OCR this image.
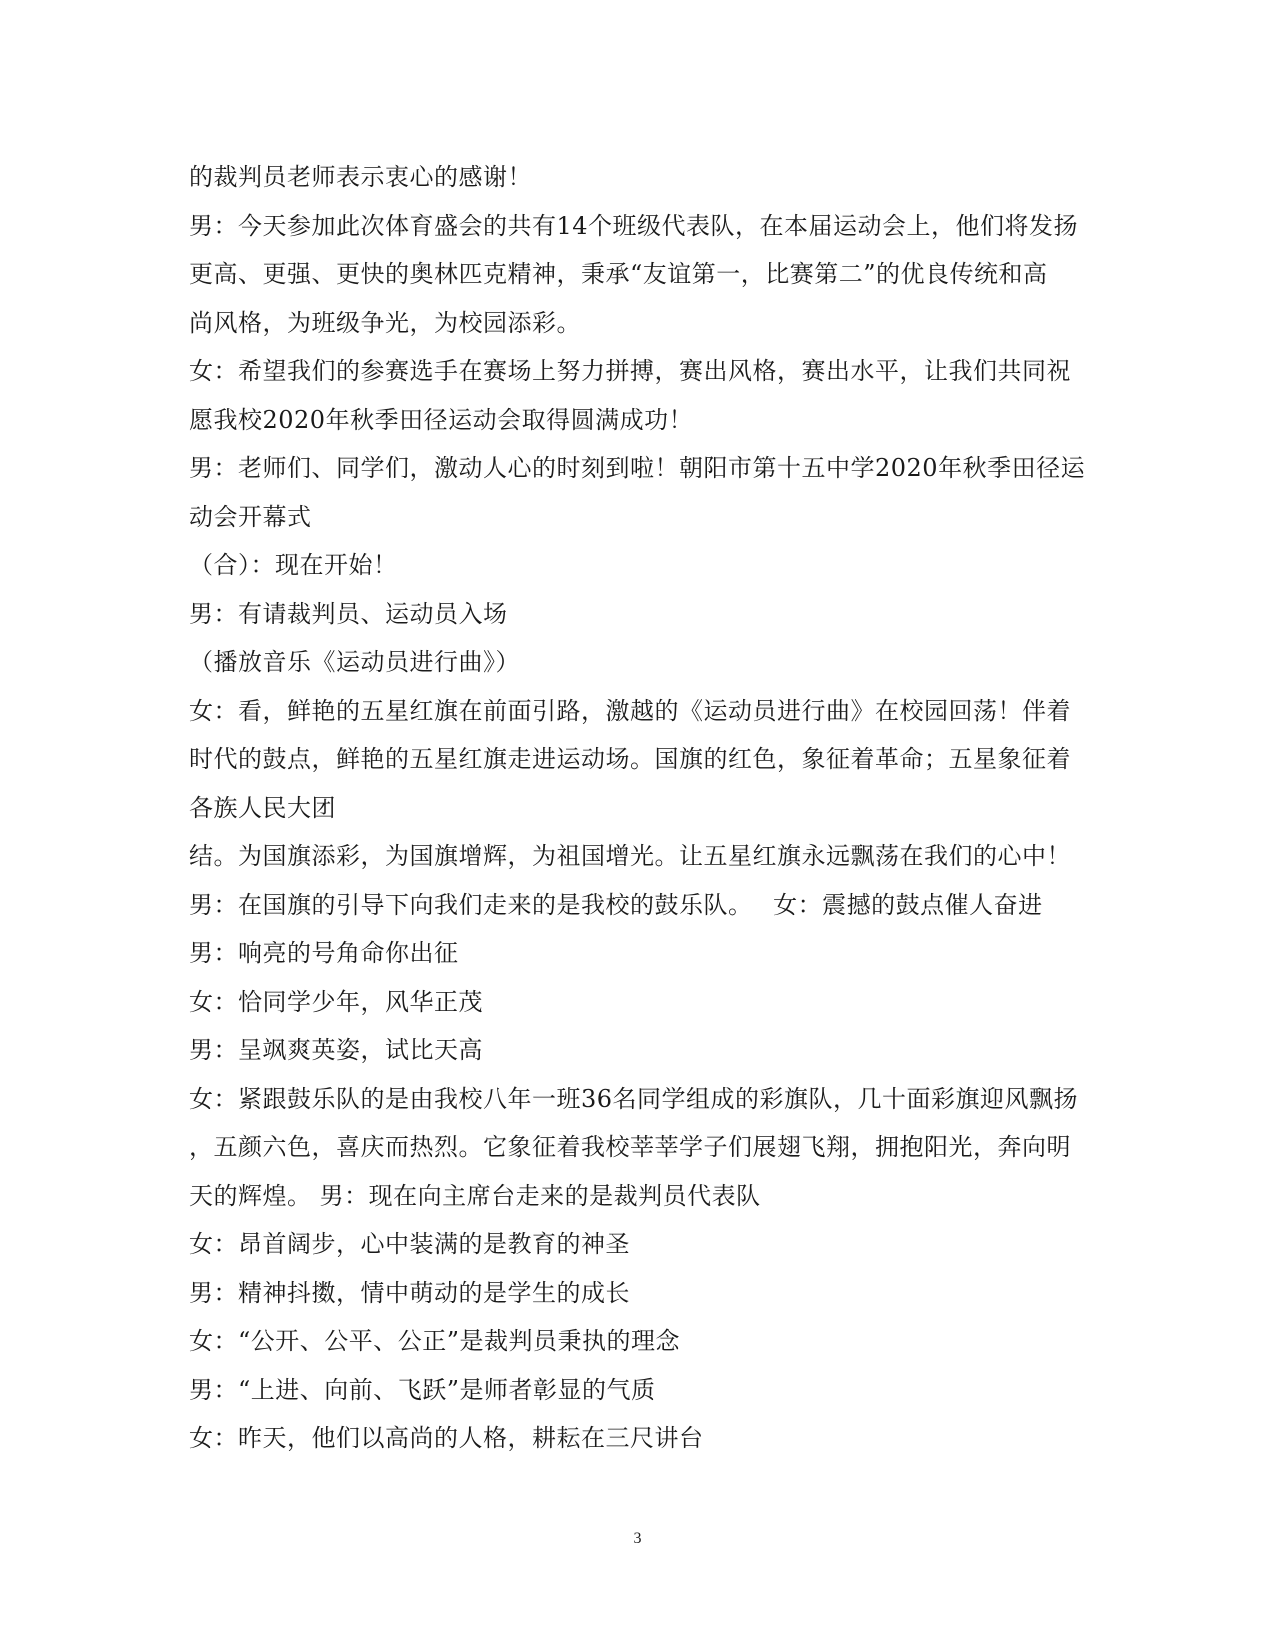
的裁判员老师表示衷心的感谢！
男：今天参加此次体育盛会的共有14个班级代表队，在本届运动会上，他们将发扬
更高、更强、更快的奥林匹克精神，秉承“友谊第一，比赛第二”的优良传统和高
尚风格，为班级争光，为校园添彩。
女：希望我们的参赛选手在赛场上努力拼搏，赛出风格，赛出水平，让我们共同祝
愿我校2020年秋季田径运动会取得圆满成功！
男：老师们、同学们，激动人心的时刻到啦！朝阳市第十五中学2020年秋季田径运
动会开幕式
（合）：现在开始！
男：有请裁判员、运动员入场
（播放音乐《运动员进行曲》）
女：看，鲜艳的五星红旗在前面引路，激越的《运动员进行曲》在校园回荡！伴着
时代的鼓点，鲜艳的五星红旗走进运动场。国旗的红色，象征着革命；五星象征着
各族人民大团
结。为国旗添彩，为国旗增辉，为祖国增光。让五星红旗永远飘荡在我们的心中！
男：在国旗的引导下向我们走来的是我校的鼓乐队。　 女：震撼的鼓点催人奋进
男：响亮的号角命你出征
女：恰同学少年，风华正茂
男：呈飒爽英姿，试比天高
女：紧跟鼓乐队的是由我校八年一班36名同学组成的彩旗队，几十面彩旗迎风飘扬
，五颜六色，喜庆而热烈。它象征着我校莘莘学子们展翅飞翔，拥抱阳光，奔向明
天的辉煌。 男：现在向主席台走来的是裁判员代表队
女：昂首阔步，心中装满的是教育的神圣
男：精神抖擞，情中萌动的是学生的成长
女：“公开、公平、公正”是裁判员秉执的理念
男：“上进、向前、飞跃”是师者彰显的气质
女：昨天，他们以高尚的人格，耕耘在三尺讲台
3
